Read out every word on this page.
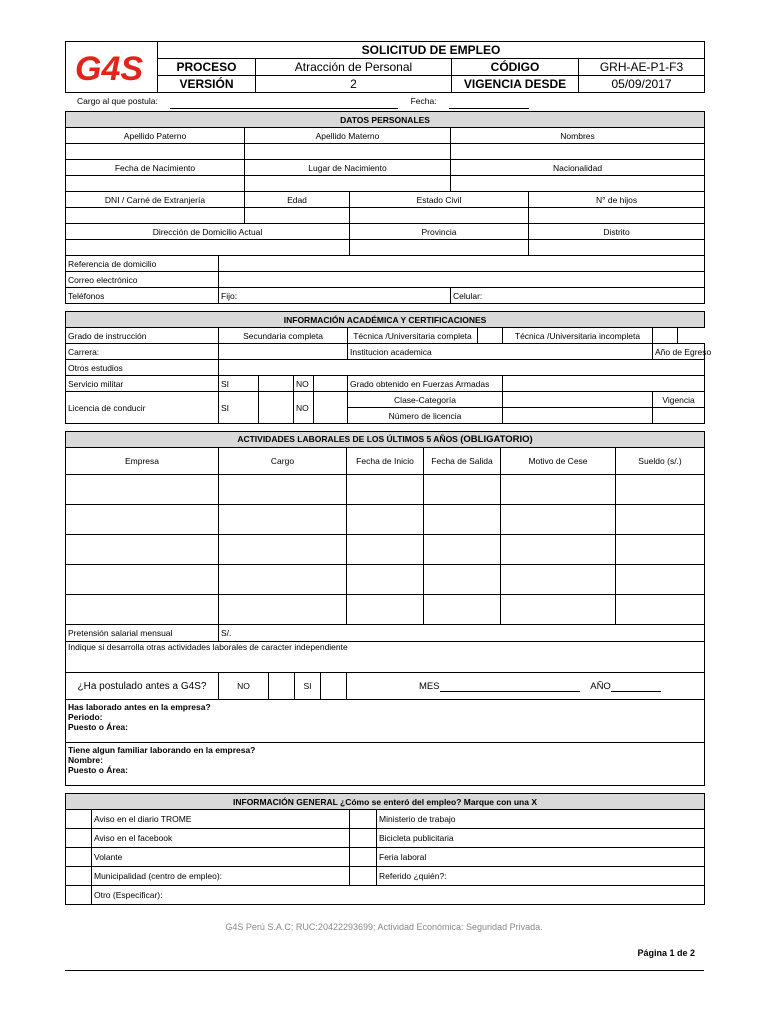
G4S	SOLICITUD DE EMPLEO			
	PROCESO	Atracción de Personal	CÓDIGO	GRH-AE-P1-F3
	VERSIÓN	2	VIGENCIA DESDE	05/09/2017
Cargo al que postula:	Fecha:
DATOS PERSONALES					
Apellido Paterno		Apellido Materno		Nombres	

Fecha de Nacimiento		Lugar de Nacimiento		Nacionalidad	

DNI / Carné de Extranjería		Edad	Estado Civil		N° de hijos

Dirección de Domicilio Actual			Provincia		Distrito

Referencia de domicilio					
Correo electrónico					
Teléfonos	Fijo:			Celular:	
INFORMACIÓN ACADÉMICA Y CERTIFICACIONES									
Grado de instrucción	Secundaria completa				Técnica /Universitaria completa		Técnica /Universitaria incompleta		
Carrera:					Institucion academica			Año de Egreso	
Otros estudios									
Servicio militar	SI		NO		Grado obtenido en Fuerzas Armadas				
Licencia de conducir	SI		NO		Clase-Categoría			Vigencia	
					Número de licencia				
ACTIVIDADES LABORALES DE LOS ÚLTIMOS 5 AÑOS (OBLIGATORIO)								
Empresa	Cargo				Fecha de Inicio	Fecha de Salida	Motivo de Cese	Sueldo (s/.)

Pretensión salarial mensual	S/.							
Indique si desarrolla otras actividades laborales de caracter independiente								
¿Ha postulado antes a G4S?	NO		SI		MES AÑO			

Has laborado antes en la empresa?
Periodo:
Puesto o Área:								

Tiene algun familiar laborando en la empresa?
Nombre:
Puesto o Área:								
INFORMACIÓN GENERAL ¿Cómo se enteró del empleo? Marque con una X			
	Aviso en el diario TROME		Ministerio de trabajo
	Aviso en el facebook		Bicicleta publicitaria
	Volante		Feria laboral
	Municipalidad (centro de empleo):		Referido ¿quién?:
	Otro (Especificar):		
G4S Perú S.A.C; RUC:20422293699; Actividad Económica: Seguridad Privada.
Página 1 de 2
